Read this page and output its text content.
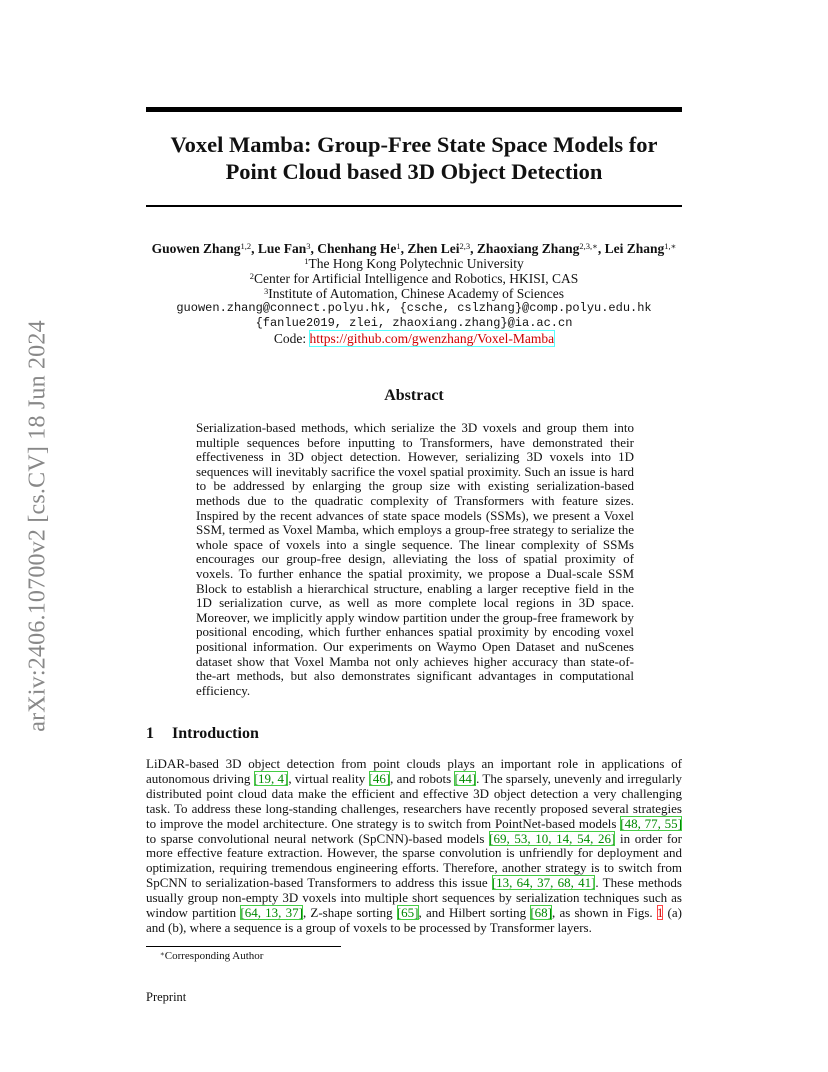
Voxel Mamba: Group-Free State Space Models for Point Cloud based 3D Object Detection
arXiv:2406.10700v2 [cs.CV] 18 Jun 2024
Guowen Zhang$^{1,2}$, Lue Fan$^3$, Chenhang He$^1$, Zhen Lei$^{2,3}$, Zhaoxiang Zhang$^{2,3,∗}$, Lei Zhang$^{1,∗}$
$^1$The Hong Kong Polytechnic University
$^2$Center for Artificial Intelligence and Robotics, HKISI, CAS
$^3$Institute of Automation, Chinese Academy of Sciences
guowen.zhang@connect.polyu.hk, {csche, cslzhang}@comp.polyu.edu.hk
{fanlue2019, zlei, zhaoxiang.zhang}@ia.ac.cn
Code: https://github.com/gwenzhang/Voxel-Mamba
Abstract

Serialization-based methods, which serialize the 3D voxels and group them into multiple sequences before inputting to Transformers, have demonstrated their effectiveness in 3D object detection. However, serializing 3D voxels into 1D sequences will inevitably sacrifice the voxel spatial proximity. Such an issue is hard to be addressed by enlarging the group size with existing serialization-based methods due to the quadratic complexity of Transformers with feature sizes. Inspired by the recent advances of state space models (SSMs), we present a Voxel SSM, termed as Voxel Mamba, which employs a group-free strategy to serialize the whole space of voxels into a single sequence. The linear complexity of SSMs encourages our group-free design, alleviating the loss of spatial proximity of voxels. To further enhance the spatial proximity, we propose a Dual-scale SSM Block to establish a hierarchical structure, enabling a larger receptive field in the 1D serialization curve, as well as more complete local regions in 3D space. Moreover, we implicitly apply window partition under the group-free framework by positional encoding, which further enhances spatial proximity by encoding voxel positional information. Our experiments on Waymo Open Dataset and nuScenes dataset show that Voxel Mamba not only achieves higher accuracy than state-of-the-art methods, but also demonstrates significant advantages in computational efficiency.

1 Introduction

LiDAR-based 3D object detection from point clouds plays an important role in applications of autonomous driving [19, 4], virtual reality [46], and robots [44]. The sparsely, unevenly and irregularly distributed point cloud data make the efficient and effective 3D object detection a very challenging task. To address these long-standing challenges, researchers have recently proposed several strategies to improve the model architecture. One strategy is to switch from PointNet-based models [48, 77, 55] to sparse convolutional neural network (SpCNN)-based models [69, 53, 10, 14, 54, 26] in order for more effective feature extraction. However, the sparse convolution is unfriendly for deployment and optimization, requiring tremendous engineering efforts. Therefore, another strategy is to switch from SpCNN to serialization-based Transformers to address this issue [13, 64, 37, 68, 41]. These methods usually group non-empty 3D voxels into multiple short sequences by serialization techniques such as window partition [64, 13, 37], Z-shape sorting [65], and Hilbert sorting [68], as shown in Figs. 1 (a) and (b), where a sequence is a group of voxels to be processed by Transformer layers.

∗Corresponding Author
Preprint
